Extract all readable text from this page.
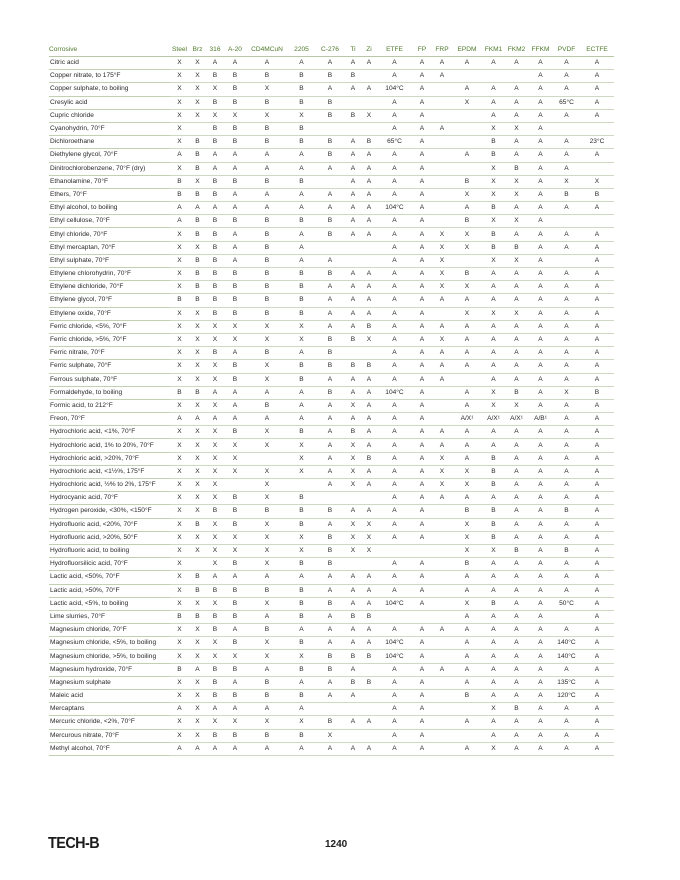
Corrosive	Steel	Brz	316	A-20	CD4MCuN	2205	C-276	Ti	Zi	ETFE	FP	FRP	EPDM	FKM1	FKM2	FFKM	PVDF	ECTFE
Citric acid	X	X	A	A	A	A	A	A	A	A	A	A	A	A	A	A	A	A
Copper nitrate, to 175°F	X	X	B	B	B	B	B	B		A	A	A				A	A	A
Copper sulphate, to boiling	X	X	X	B	X	B	A	A	A	104°C	A		A	A	A	A	A	A
Cresylic acid	X	X	B	B	B	B	B			A	A		X	A	A	A	65°C	A
Cupric chloride	X	X	X	X	X	X	B	B	X	A	A			A	A	A	A	A
Cyanohydrin, 70°F	X		B	B	B	B				A	A	A		X	X	A		
Dichloroethane	X	B	B	B	B	B	B	A	B	65°C	A			B	A	A	A	23°C
Diethylene glycol, 70°F	A	B	A	A	A	A	B	A	A	A	A		A	B	A	A	A	A
Dinitrochlorobenzene, 70°F (dry)	X	B	A	A	A	A	A	A	A	A	A			X	B	A	A	
Ethanolamine, 70°F	B	X	B	B	B	B		A	A	A	A		B	X	X	A	X	X
Ethers, 70°F	B	B	B	A	A	A	A	A	A	A	A		X	X	X	A	B	B
Ethyl alcohol, to boiling	A	A	A	A	A	A	A	A	A	104°C	A		A	B	A	A	A	A
Ethyl cellulose, 70°F	A	B	B	B	B	B	B	A	A	A	A		B	X	X	A		
Ethyl chloride, 70°F	X	B	B	A	B	A	B	A	A	A	A	X	X	B	A	A	A	A
Ethyl mercaptan, 70°F	X	X	B	A	B	A				A	A	X	X	B	B	A	A	A
Ethyl sulphate, 70°F	X	B	B	A	B	A	A			A	A	X		X	X	A		A
Ethylene chlorohydrin, 70°F	X	B	B	B	B	B	B	A	A	A	A	X	B	A	A	A	A	A
Ethylene dichloride, 70°F	X	B	B	B	B	B	A	A	A	A	A	X	X	A	A	A	A	A
Ethylene glycol, 70°F	B	B	B	B	B	B	A	A	A	A	A	A	A	A	A	A	A	A
Ethylene oxide, 70°F	X	X	B	B	B	B	A	A	A	A	A		X	X	X	A	A	A
Ferric chloride, <5%, 70°F	X	X	X	X	X	X	A	A	B	A	A	A	A	A	A	A	A	A
Ferric chloride, >5%, 70°F	X	X	X	X	X	X	B	B	X	A	A	X	A	A	A	A	A	A
Ferric nitrate, 70°F	X	X	B	A	B	A	B			A	A	A	A	A	A	A	A	A
Ferric sulphate, 70°F	X	X	X	B	X	B	B	B	B	A	A	A	A	A	A	A	A	A
Ferrous sulphate, 70°F	X	X	X	B	X	B	A	A	A	A	A	A		A	A	A	A	A
Formaldehyde, to boiling	B	B	A	A	A	A	B	A	A	104°C	A		A	X	B	A	X	B
Formic acid, to 212°F	X	X	X	A	B	A	A	X	A	A	A		A	X	X	A	A	A
Freon, 70°F	A	A	A	A	A	A	A	A	A	A	A		A/X¹	A/X¹	A/X¹	A/B¹	A	A
Hydrochloric acid, <1%, 70°F	X	X	X	B	X	B	A	B	A	A	A	A	A	A	A	A	A	A
Hydrochloric acid, 1% to 20%, 70°F	X	X	X	X	X	X	A	X	A	A	A	A	A	A	A	A	A	A
Hydrochloric acid, >20%, 70°F	X	X	X	X		X	A	X	B	A	A	X	A	B	A	A	A	A
Hydrochloric acid, <1½%, 175°F	X	X	X	X	X	X	A	X	A	A	A	X	X	B	A	A	A	A
Hydrochloric acid, ½% to 2%, 175°F	X	X	X		X		A	X	A	A	A	X	X	B	A	A	A	A
Hydrocyanic acid, 70°F	X	X	X	B	X	B				A	A	A	A	A	A	A	A	A
Hydrogen peroxide, <30%, <150°F	X	X	B	B	B	B	B	A	A	A	A		B	B	A	A	B	A
Hydrofluoric acid, <20%, 70°F	X	B	X	B	X	B	A	X	X	A	A		X	B	A	A	A	A
Hydrofluoric acid, >20%, 50°F	X	X	X	X	X	X	B	X	X	A	A		X	B	A	A	A	A
Hydrofluoric acid, to boiling	X	X	X	X	X	X	B	X	X				X	X	B	A	B	A
Hydrofluorsilicic acid, 70°F	X		X	B	X	B	B			A	A		B	A	A	A	A	A
Lactic acid, <50%, 70°F	X	B	A	A	A	A	A	A	A	A	A		A	A	A	A	A	A
Lactic acid, >50%, 70°F	X	B	B	B	B	B	A	A	A	A	A		A	A	A	A	A	A
Lactic acid, <5%, to boiling	X	X	X	B	X	B	B	A	A	104°C	A		X	B	A	A	50°C	A
Lime slurries, 70°F	B	B	B	B	A	B	A	B	B				A	A	A	A		A
Magnesium chloride, 70°F	X	X	B	A	B	A	A	A	A	A	A	A	A	A	A	A	A	A
Magnesium chloride, <5%, to boiling	X	X	X	B	X	B	A	A	A	104°C	A		A	A	A	A	140°C	A
Magnesium chloride, >5%, to boiling	X	X	X	X	X	X	B	B	B	104°C	A		A	A	A	A	140°C	A
Magnesium hydroxide, 70°F	B	A	B	B	A	B	B	A		A	A	A	A	A	A	A	A	A
Magnesium sulphate	X	X	B	A	B	A	A	B	B	A	A		A	A	A	A	135°C	A
Maleic acid	X	X	B	B	B	B	A	A		A	A		B	A	A	A	120°C	A
Mercaptans	A	X	A	A	A	A				A	A			X	B	A	A	A
Mercuric chloride, <2%, 70°F	X	X	X	X	X	X	B	A	A	A	A		A	A	A	A	A	A
Mercurous nitrate, 70°F	X	X	B	B	B	B	X			A	A			A	A	A	A	A
Methyl alcohol, 70°F	A	A	A	A	A	A	A	A	A	A	A		A	X	A	A	A	A
TECH-B	1240
